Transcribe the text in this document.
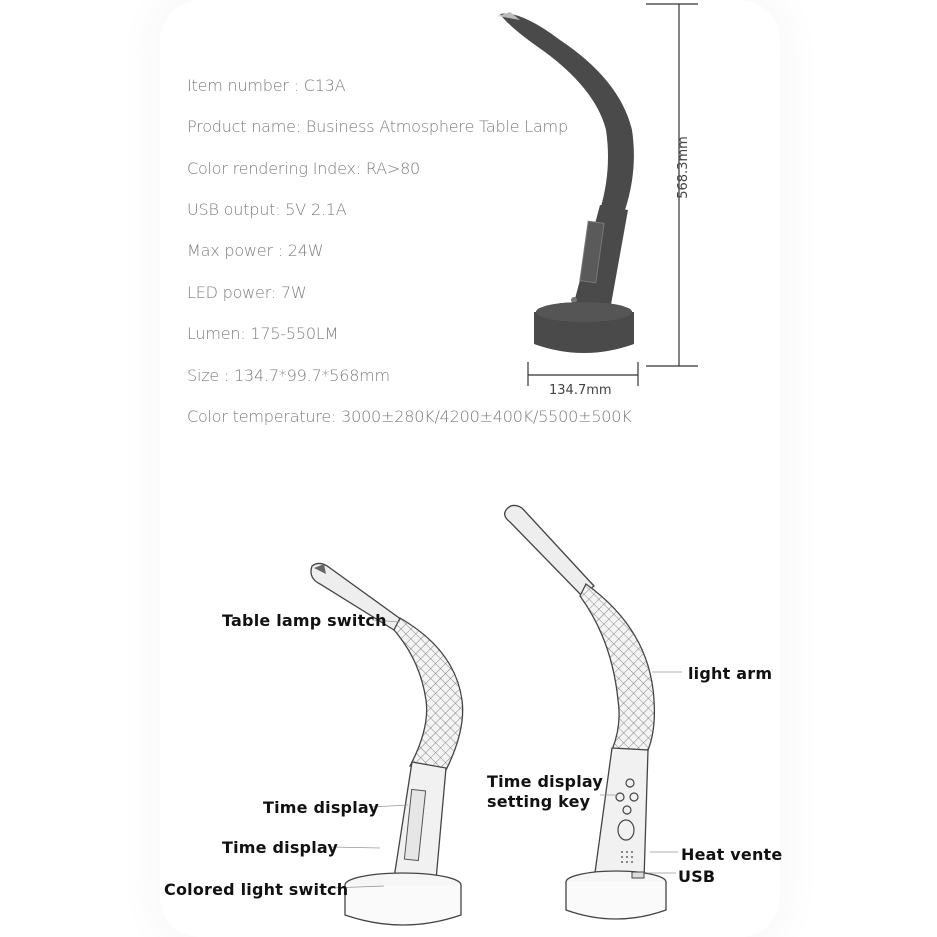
Item number : C13A
Product name: Business Atmosphere Table Lamp
Color rendering Index: RA>80
USB output: 5V 2.1A
Max power : 24W
LED power: 7W
Lumen: 175-550LM
Size : 134.7*99.7*568mm
Color temperature: 3000±280K/4200±400K/5500±500K
568.3mm
134.7mm
Table lamp switch
Time display
Time display
Colored light switch
light arm
Time display
setting key
Heat vente
USB
